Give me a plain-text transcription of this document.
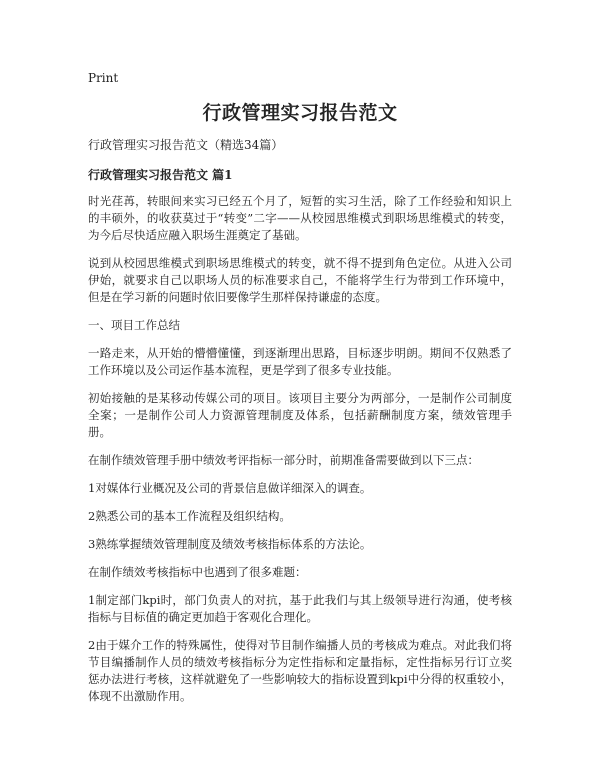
Print
行政管理实习报告范文
行政管理实习报告范文（精选34篇）
行政管理实习报告范文 篇1
时光荏苒，转眼间来实习已经五个月了，短暂的实习生活，除了工作经验和知识上的丰硕外，的收获莫过于“转变”二字——从校园思维模式到职场思维模式的转变，为今后尽快适应融入职场生涯奠定了基础。
说到从校园思维模式到职场思维模式的转变，就不得不提到角色定位。从进入公司伊始，就要求自己以职场人员的标准要求自己，不能将学生行为带到工作环境中，但是在学习新的问题时依旧要像学生那样保持谦虚的态度。
一、项目工作总结
一路走来，从开始的懵懵懂懂，到逐渐理出思路，目标逐步明朗。期间不仅熟悉了工作环境以及公司运作基本流程，更是学到了很多专业技能。
初始接触的是某移动传媒公司的项目。该项目主要分为两部分，一是制作公司制度全案；一是制作公司人力资源管理制度及体系，包括薪酬制度方案，绩效管理手册。
在制作绩效管理手册中绩效考评指标一部分时，前期准备需要做到以下三点：
1对媒体行业概况及公司的背景信息做详细深入的调查。
2熟悉公司的基本工作流程及组织结构。
3熟练掌握绩效管理制度及绩效考核指标体系的方法论。
在制作绩效考核指标中也遇到了很多难题：
1制定部门kpi时，部门负责人的对抗，基于此我们与其上级领导进行沟通，使考核指标与目标值的确定更加趋于客观化合理化。
2由于媒介工作的特殊属性，使得对节目制作编播人员的考核成为难点。对此我们将节目编播制作人员的绩效考核指标分为定性指标和定量指标，定性指标另行订立奖惩办法进行考核，这样就避免了一些影响较大的指标设置到kpi中分得的权重较小，体现不出激励作用。
